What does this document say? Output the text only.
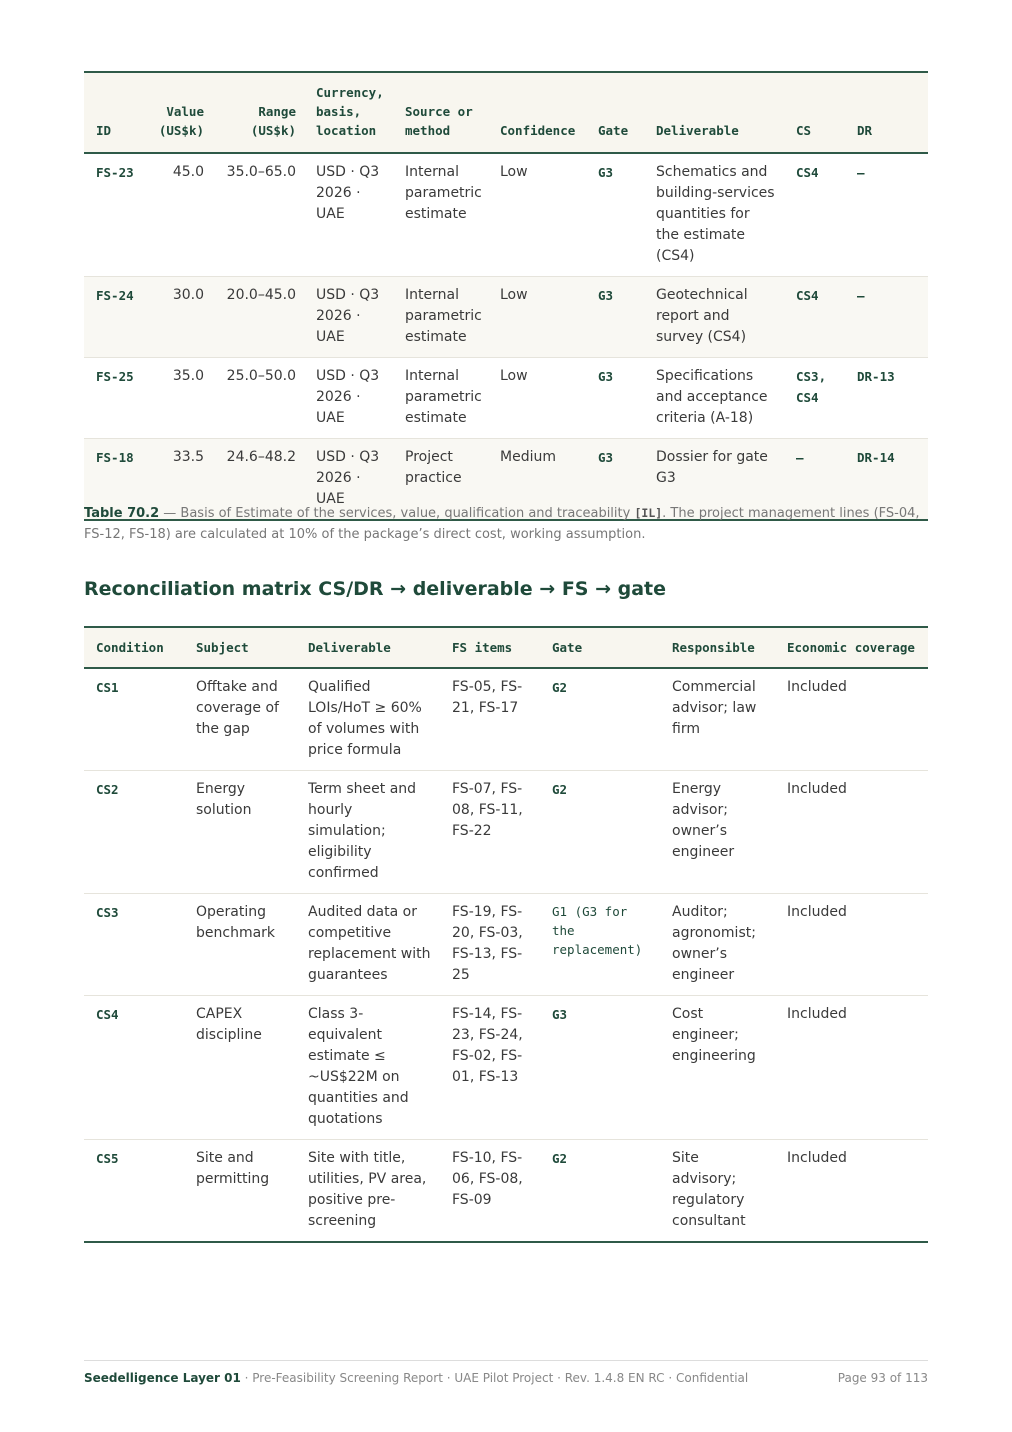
ID	Value (US$k)	Range (US$k)	Currency, basis, location	Source or method	Confidence	Gate	Deliverable	CS	DR
FS-23	45.0	35.0–65.0	USD · Q3 2026 · UAE	Internal parametric estimate	Low	G3	Schematics and building-services quantities for the estimate (CS4)	CS4	—
FS-24	30.0	20.0–45.0	USD · Q3 2026 · UAE	Internal parametric estimate	Low	G3	Geotechnical report and survey (CS4)	CS4	—
FS-25	35.0	25.0–50.0	USD · Q3 2026 · UAE	Internal parametric estimate	Low	G3	Specifications and acceptance criteria (A-18)	CS3, CS4	DR-13
FS-18	33.5	24.6–48.2	USD · Q3 2026 · UAE	Project practice	Medium	G3	Dossier for gate G3	—	DR-14
Table 70.2 — Basis of Estimate of the services, value, qualification and traceability [IL]. The project management lines (FS-04, FS-12, FS-18) are calculated at 10% of the package’s direct cost, working assumption.
Reconciliation matrix CS/DR → deliverable → FS → gate
Condition	Subject	Deliverable	FS items	Gate	Responsible	Economic coverage
CS1	Offtake and coverage of the gap	Qualified LOIs/HoT ≥ 60% of volumes with price formula	FS-05, FS-21, FS-17	G2	Commercial advisor; law firm	Included
CS2	Energy solution	Term sheet and hourly simulation; eligibility confirmed	FS-07, FS-08, FS-11, FS-22	G2	Energy advisor; owner’s engineer	Included
CS3	Operating benchmark	Audited data or competitive replacement with guarantees	FS-19, FS-20, FS-03, FS-13, FS-25	G1 (G3 for the replacement)	Auditor; agronomist; owner’s engineer	Included
CS4	CAPEX discipline	Class 3-equivalent estimate ≤ ~US$22M on quantities and quotations	FS-14, FS-23, FS-24, FS-02, FS-01, FS-13	G3	Cost engineer; engineering	Included
CS5	Site and permitting	Site with title, utilities, PV area, positive pre-screening	FS-10, FS-06, FS-08, FS-09	G2	Site advisory; regulatory consultant	Included
Seedelligence Layer 01 · Pre-Feasibility Screening Report · UAE Pilot Project · Rev. 1.4.8 EN RC · Confidential	Page 93 of 113
